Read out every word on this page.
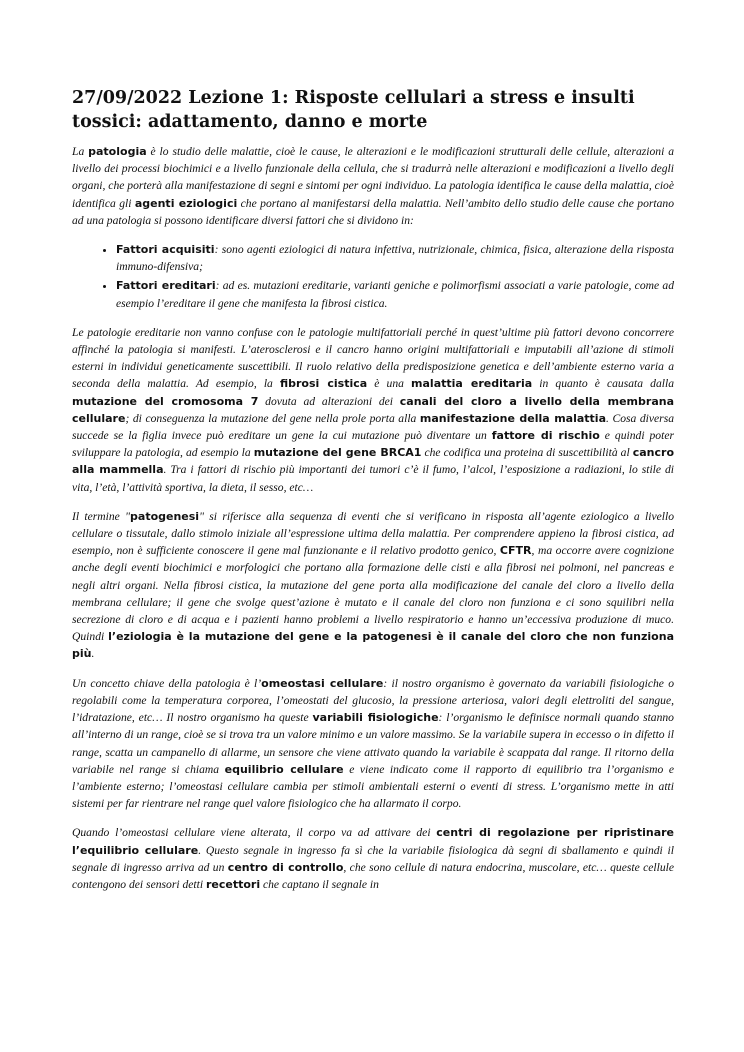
27/09/2022 Lezione 1: Risposte cellulari a stress e insulti tossici: adattamento, danno e morte

La patologia è lo studio delle malattie, cioè le cause, le alterazioni e le modificazioni strutturali delle cellule, alterazioni a livello dei processi biochimici e a livello funzionale della cellula, che si tradurrà nelle alterazioni e modificazioni a livello degli organi, che porterà alla manifestazione di segni e sintomi per ogni individuo. La patologia identifica le cause della malattia, cioè identifica gli agenti eziologici che portano al manifestarsi della malattia. Nell’ambito dello studio delle cause che portano ad una patologia si possono identificare diversi fattori che si dividono in:

• Fattori acquisiti: sono agenti eziologici di natura infettiva, nutrizionale, chimica, fisica, alterazione della risposta immuno-difensiva;
• Fattori ereditari: ad es. mutazioni ereditarie, varianti geniche e polimorfismi associati a varie patologie, come ad esempio l’ereditare il gene che manifesta la fibrosi cistica.

Le patologie ereditarie non vanno confuse con le patologie multifattoriali perché in quest’ultime più fattori devono concorrere affinché la patologia si manifesti. L’aterosclerosi e il cancro hanno origini multifattoriali e imputabili all’azione di stimoli esterni in individui geneticamente suscettibili. Il ruolo relativo della predisposizione genetica e dell’ambiente esterno varia a seconda della malattia. Ad esempio, la fibrosi cistica è una malattia ereditaria in quanto è causata dalla mutazione del cromosoma 7 dovuta ad alterazioni dei canali del cloro a livello della membrana cellulare; di conseguenza la mutazione del gene nella prole porta alla manifestazione della malattia. Cosa diversa succede se la figlia invece può ereditare un gene la cui mutazione può diventare un fattore di rischio e quindi poter sviluppare la patologia, ad esempio la mutazione del gene BRCA1 che codifica una proteina di suscettibilità al cancro alla mammella. Tra i fattori di rischio più importanti dei tumori c’è il fumo, l’alcol, l’esposizione a radiazioni, lo stile di vita, l’età, l’attività sportiva, la dieta, il sesso, etc…

Il termine "patogenesi" si riferisce alla sequenza di eventi che si verificano in risposta all’agente eziologico a livello cellulare o tissutale, dallo stimolo iniziale all’espressione ultima della malattia. Per comprendere appieno la fibrosi cistica, ad esempio, non è sufficiente conoscere il gene mal funzionante e il relativo prodotto genico, CFTR, ma occorre avere cognizione anche degli eventi biochimici e morfologici che portano alla formazione delle cisti e alla fibrosi nei polmoni, nel pancreas e negli altri organi. Nella fibrosi cistica, la mutazione del gene porta alla modificazione del canale del cloro a livello della membrana cellulare; il gene che svolge quest’azione è mutato e il canale del cloro non funziona e ci sono squilibri nella secrezione di cloro e di acqua e i pazienti hanno problemi a livello respiratorio e hanno un’eccessiva produzione di muco. Quindi l’eziologia è la mutazione del gene e la patogenesi è il canale del cloro che non funziona più.

Un concetto chiave della patologia è l’omeostasi cellulare: il nostro organismo è governato da variabili fisiologiche o regolabili come la temperatura corporea, l’omeostati del glucosio, la pressione arteriosa, valori degli elettroliti del sangue, l’idratazione, etc… Il nostro organismo ha queste variabili fisiologiche: l’organismo le definisce normali quando stanno all’interno di un range, cioè se si trova tra un valore minimo e un valore massimo. Se la variabile supera in eccesso o in difetto il range, scatta un campanello di allarme, un sensore che viene attivato quando la variabile è scappata dal range. Il ritorno della variabile nel range si chiama equilibrio cellulare e viene indicato come il rapporto di equilibrio tra l’organismo e l’ambiente esterno; l’omeostasi cellulare cambia per stimoli ambientali esterni o eventi di stress. L’organismo mette in atti sistemi per far rientrare nel range quel valore fisiologico che ha allarmato il corpo.

Quando l’omeostasi cellulare viene alterata, il corpo va ad attivare dei centri di regolazione per ripristinare l’equilibrio cellulare. Questo segnale in ingresso fa sì che la variabile fisiologica dà segni di sballamento e quindi il segnale di ingresso arriva ad un centro di controllo, che sono cellule di natura endocrina, muscolare, etc… queste cellule contengono dei sensori detti recettori che captano il segnale in
